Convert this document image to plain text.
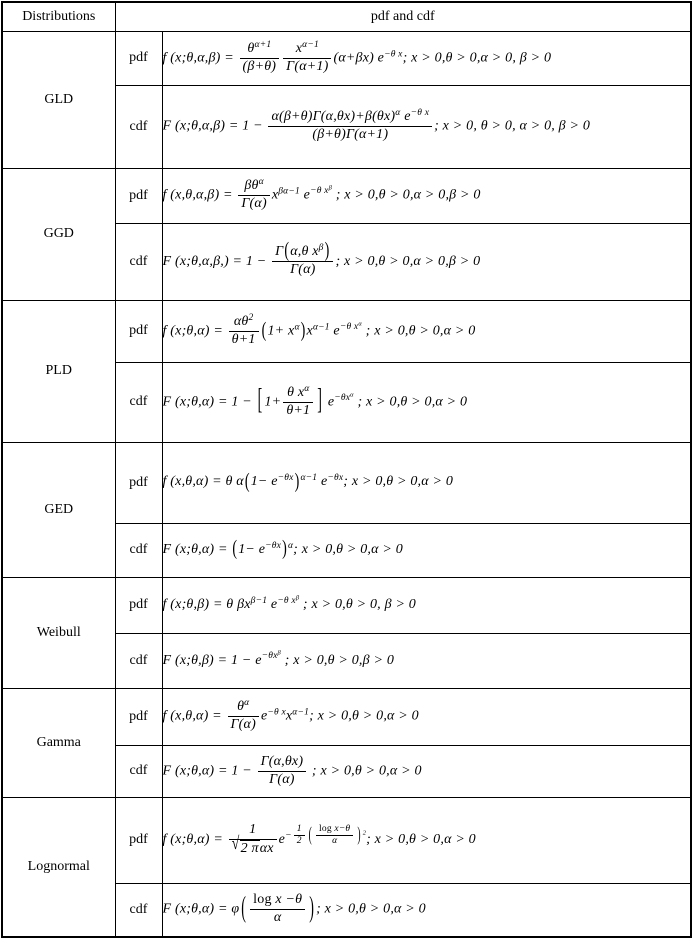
Distributions	pdf and cdf	
GLD	pdf	f (x;θ,α,β) = $\frac{\theta^{\alpha+1}}{(\beta+\theta)} \frac{x^{\alpha-1}}{\Gamma(\alpha+1)} (\alpha+\beta x)$ $e^{-\theta x}$; x > 0,θ > 0,α > 0, β > 0
	cdf	F (x;θ,α,β) = $1 - \frac{\alpha(\beta+\theta)\Gamma(\alpha,\theta x)+\beta(\theta x)^\alpha e^{-\theta x}}{(\beta+\theta)\Gamma(\alpha+1)}$ ; x > 0, θ > 0, α > 0, β > 0
GGD	pdf	f $(x,\theta,\alpha,\beta) = \frac{\beta\theta^\alpha}{\Gamma(\alpha)} x^{\beta\alpha-1}$ $e^{-\theta x^\beta}$ ; x > 0,θ > 0,α > 0,β > 0
	cdf	F (x;θ,α,β,) = $1 - \frac{\Gamma(\alpha,\theta x^\beta)}{\Gamma(\alpha)}$ ; x > 0,θ > 0,α > 0,β > 0
PLD	pdf	f (x;θ,α) = $\frac{\alpha\theta^2}{\theta+1} (1+ x^\alpha)x^{\alpha-1}$ $e^{-\theta x^\alpha}$ ; x > 0,θ > 0,α > 0
	cdf	F (x;θ,α) = 1 − [ $1+ \frac{\theta x^\alpha}{\theta+1}$ ] $e^{-\theta x^\alpha}$ ; x > 0,θ > 0,α > 0
GED	pdf	f (x,θ,α) = θ $\alpha(1- e^{-\theta x})^{\alpha-1}$ $e^{-\theta x}$; x > 0,θ > 0,α > 0
	cdf	F (x;θ,α) = $(1- e^{-\theta x})^\alpha$; x > 0,θ > 0,α > 0
Weibull	pdf	f (x;θ,β) = θ $\beta x^{\beta-1}$ $e^{-\theta x^\beta}$ ; x > 0,θ > 0, β > 0
	cdf	F (x;θ,β) = $1 - e^{-\theta x^\beta}$ ; x > 0,θ > 0,β > 0
Gamma	pdf	f $(x,\theta,\alpha) = \frac{\theta^\alpha}{\Gamma(\alpha)} e^{-\theta x}x^{\alpha-1}$; x > 0,θ > 0,α > 0
	cdf	F (x;θ,α) = $1 - \frac{\Gamma(\alpha,\theta x)}{\Gamma(\alpha)}$ ; x > 0,θ > 0,α > 0
Lognormal	pdf	f (x;θ,α) = $\frac{1}{\text{√ 2 π αx}} e^{- \frac{1}{2} ( \frac{\text{log x−θ}}{\alpha} ) ^2}$; x > 0,θ > 0,α > 0
	cdf	F (x;θ,α) = φ ( $\frac{\text{log x −θ}}{\alpha}$ ) ; x > 0,θ > 0,α > 0
